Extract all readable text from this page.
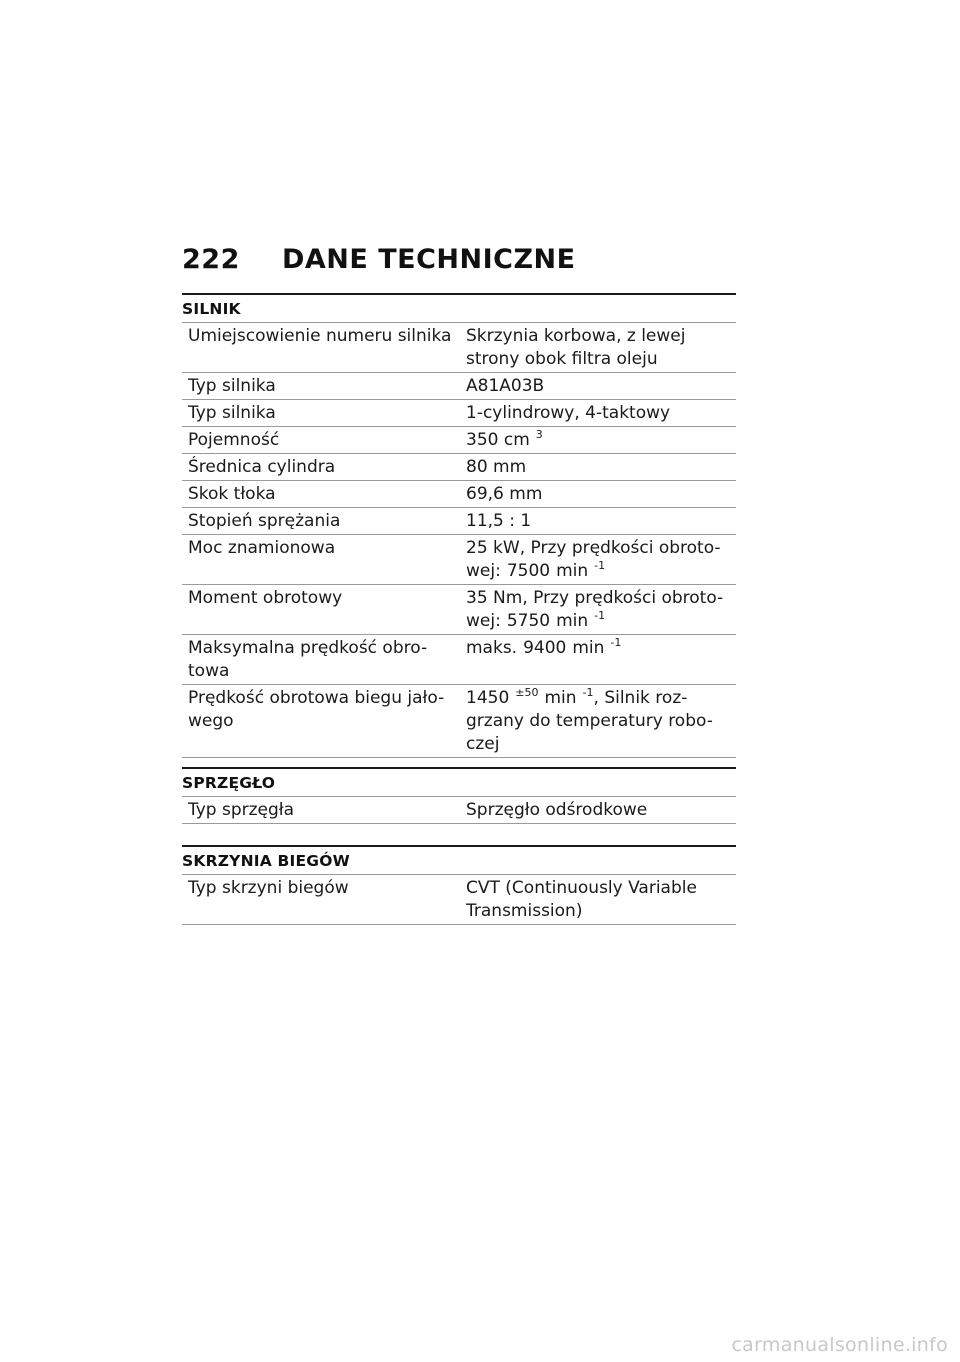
222 DANE TECHNICZNE
SILNIK
Umiejscowienie numeru silnika	Skrzynia korbowa, z lewej strony obok filtra oleju
Typ silnika	A81A03B
Typ silnika	1-cylindrowy, 4-taktowy
Pojemność	350 cm $^3$
Średnica cylindra	80 mm
Skok tłoka	69,6 mm
Stopień sprężania	11,5 : 1
Moc znamionowa	25 kW, Przy prędkości obroto-
wej: 7500 min $^{-1}$

Moment obrotowy	35 Nm, Przy prędkości obroto-
wej: 5750 min $^{-1}$

Maksymalna prędkość obro-towa	maks. 9400 min $^{-1}$
Prędkość obrotowa biegu jało-wego	1450 $^{\pm 50}$ min $^{-1}$, Silnik roz-
grzany do temperatury robo-
czej
SPRZĘGŁO
Typ sprzęgła	Sprzęgło odśrodkowe
SKRZYNIA BIEGÓW
Typ skrzyni biegów	CVT (Continuously Variable Transmission)
carmanualsonline.info
